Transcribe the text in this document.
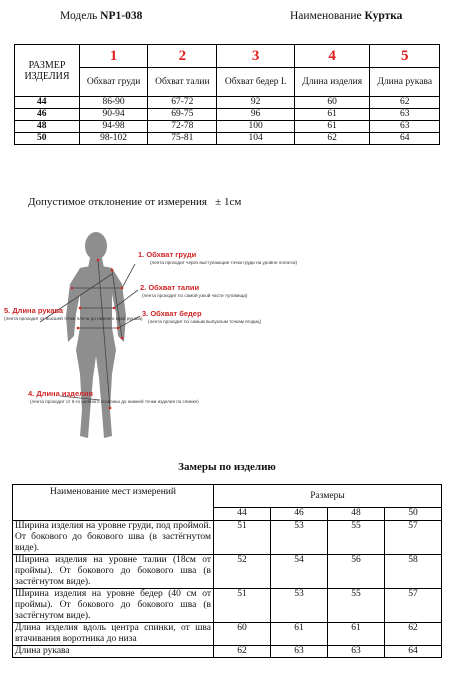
Модель NP1-038	Наименование Куртка
РАЗМЕР ИЗДЕЛИЯ	1	2	3	4	5
	Обхват груди	Обхват талии	Обхват бедер I.	Длина изделия	Длина рукава
44	86-90	67-72	92	60	62
46	90-94	69-75	96	61	63
48	94-98	72-78	100	61	63
50	98-102	75-81	104	62	64
Допустимое отклонение от измерения ± 1см
1. Обхват груди
(лента проходит через выступающие точки груди на уровне лопаток)
2. Обхват талии
(лента проходит по самой узкой части туловища)
3. Обхват бедер
(лента проходит по самым выпуклым точкам ягодиц)
5. Длина рукава
(лента проходит от высшей точки плеча до нижнего края рукава)
4. Длина изделия
(лента проходит от 6-го шейного позвонка до нижней точки изделия по спинке)
Замеры по изделию
Наименование мест измерений	Размеры			
	44	46	48	50
Ширина изделия на уровне груди, под проймой. От бокового до бокового шва (в застёгнутом виде).	51	53	55	57
Ширина изделия на уровне талии (18см от проймы). От бокового до бокового шва (в застёгнутом виде).	52	54	56	58
Ширина изделия на уровне бедер (40 см от проймы). От бокового до бокового шва (в застёгнутом виде).	51	53	55	57
Длина изделия вдоль центра спинки, от шва втачивания воротника до низа	60	61	61	62
Длина рукава	62	63	63	64
